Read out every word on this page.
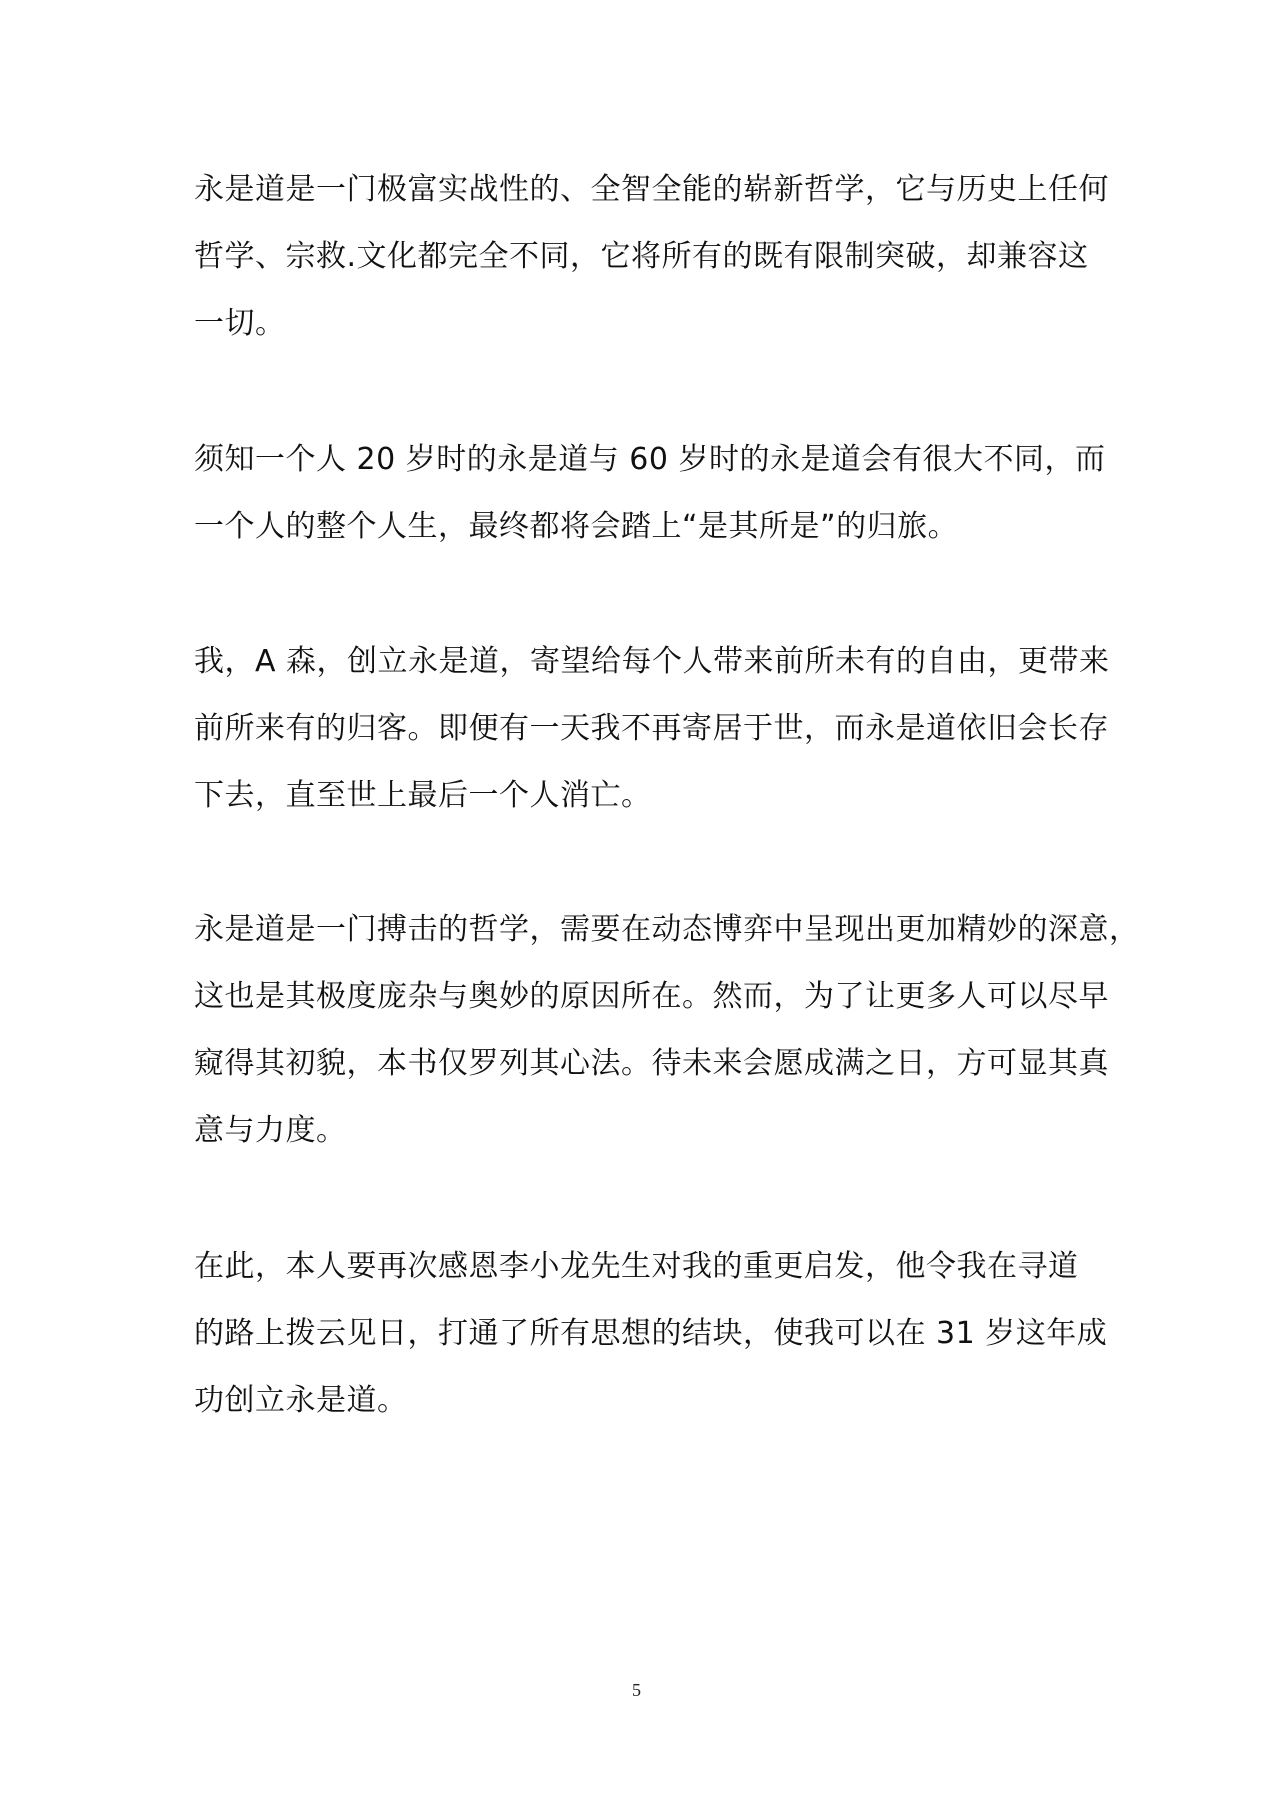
永是道是一门极富实战性的、全智全能的崭新哲学，它与历史上任何
哲学、宗救.文化都完全不同，它将所有的既有限制突破，却兼容这
一切。
须知一个人 20 岁时的永是道与 60 岁时的永是道会有很大不同，而
一个人的整个人生，最终都将会踏上“是其所是”的归旅。
我，A 森，创立永是道，寄望给每个人带来前所未有的自由，更带来
前所来有的归客。即便有一天我不再寄居于世，而永是道依旧会长存
下去，直至世上最后一个人消亡。
永是道是一门搏击的哲学，需要在动态博弈中呈现出更加精妙的深意，
这也是其极度庞杂与奥妙的原因所在。然而，为了让更多人可以尽早
窥得其初貌，本书仅罗列其心法。待未来会愿成满之日，方可显其真
意与力度。
在此，本人要再次感恩李小龙先生对我的重更启发，他令我在寻道
的路上拨云见日，打通了所有思想的结块，使我可以在 31 岁这年成
功创立永是道。
5
